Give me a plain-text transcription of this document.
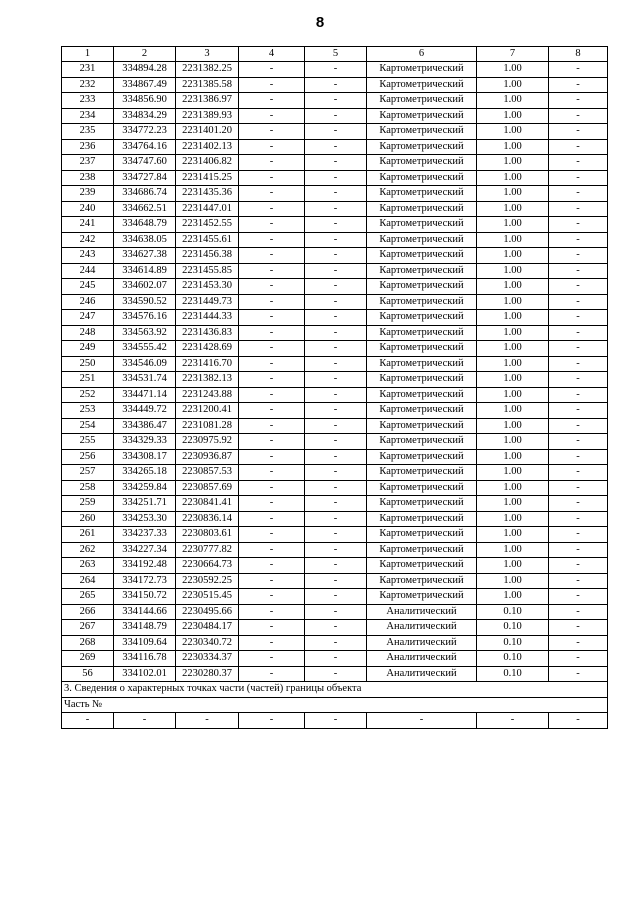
8
1	2	3	4	5	6	7	8
231	334894.28	2231382.25	-	-	Картометрический	1.00	-
232	334867.49	2231385.58	-	-	Картометрический	1.00	-
233	334856.90	2231386.97	-	-	Картометрический	1.00	-
234	334834.29	2231389.93	-	-	Картометрический	1.00	-
235	334772.23	2231401.20	-	-	Картометрический	1.00	-
236	334764.16	2231402.13	-	-	Картометрический	1.00	-
237	334747.60	2231406.82	-	-	Картометрический	1.00	-
238	334727.84	2231415.25	-	-	Картометрический	1.00	-
239	334686.74	2231435.36	-	-	Картометрический	1.00	-
240	334662.51	2231447.01	-	-	Картометрический	1.00	-
241	334648.79	2231452.55	-	-	Картометрический	1.00	-
242	334638.05	2231455.61	-	-	Картометрический	1.00	-
243	334627.38	2231456.38	-	-	Картометрический	1.00	-
244	334614.89	2231455.85	-	-	Картометрический	1.00	-
245	334602.07	2231453.30	-	-	Картометрический	1.00	-
246	334590.52	2231449.73	-	-	Картометрический	1.00	-
247	334576.16	2231444.33	-	-	Картометрический	1.00	-
248	334563.92	2231436.83	-	-	Картометрический	1.00	-
249	334555.42	2231428.69	-	-	Картометрический	1.00	-
250	334546.09	2231416.70	-	-	Картометрический	1.00	-
251	334531.74	2231382.13	-	-	Картометрический	1.00	-
252	334471.14	2231243.88	-	-	Картометрический	1.00	-
253	334449.72	2231200.41	-	-	Картометрический	1.00	-
254	334386.47	2231081.28	-	-	Картометрический	1.00	-
255	334329.33	2230975.92	-	-	Картометрический	1.00	-
256	334308.17	2230936.87	-	-	Картометрический	1.00	-
257	334265.18	2230857.53	-	-	Картометрический	1.00	-
258	334259.84	2230857.69	-	-	Картометрический	1.00	-
259	334251.71	2230841.41	-	-	Картометрический	1.00	-
260	334253.30	2230836.14	-	-	Картометрический	1.00	-
261	334237.33	2230803.61	-	-	Картометрический	1.00	-
262	334227.34	2230777.82	-	-	Картометрический	1.00	-
263	334192.48	2230664.73	-	-	Картометрический	1.00	-
264	334172.73	2230592.25	-	-	Картометрический	1.00	-
265	334150.72	2230515.45	-	-	Картометрический	1.00	-
266	334144.66	2230495.66	-	-	Аналитический	0.10	-
267	334148.79	2230484.17	-	-	Аналитический	0.10	-
268	334109.64	2230340.72	-	-	Аналитический	0.10	-
269	334116.78	2230334.37	-	-	Аналитический	0.10	-
56	334102.01	2230280.37	-	-	Аналитический	0.10	-
3. Сведения о характерных точках части (частей) границы объекта							
Часть №							
-	-	-	-	-	-	-	-
